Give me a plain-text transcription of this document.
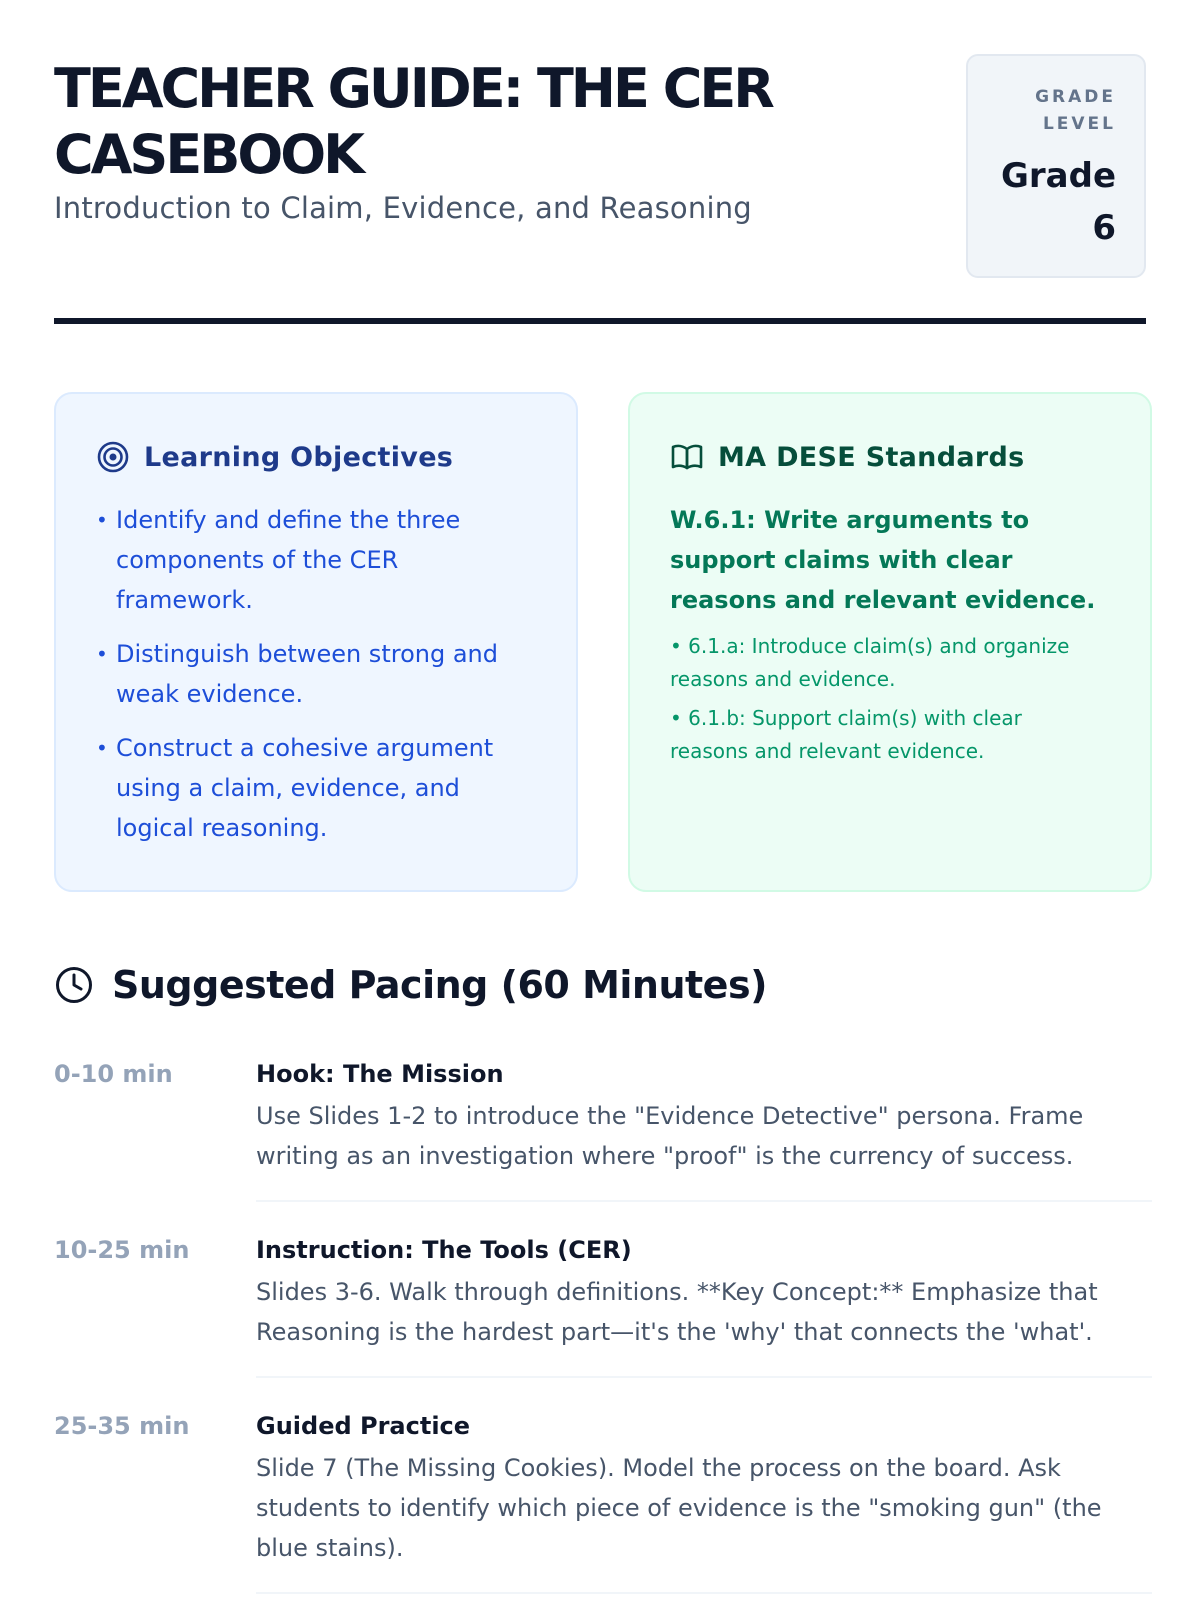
TEACHER GUIDE: THE CER CASEBOOK

Introduction to Claim, Evidence, and Reasoning

GRADE LEVEL
Grade 6
Learning Objectives
• Identify and define the three components of the CER framework.
• Distinguish between strong and weak evidence.
• Construct a cohesive argument using a claim, evidence, and logical reasoning.
MA DESE Standards

W.6.1: Write arguments to support claims with clear reasons and relevant evidence.

• 6.1.a: Introduce claim(s) and organize reasons and evidence.

• 6.1.b: Support claim(s) with clear reasons and relevant evidence.

Suggested Pacing (60 Minutes)
0-10 min	Hook: The Mission

Use Slides 1-2 to introduce the "Evidence Detective" persona. Frame writing as an investigation where "proof" is the currency of success.

10-25 min	Instruction: The Tools (CER)

Slides 3-6. Walk through definitions. **Key Concept:** Emphasize that Reasoning is the hardest part—it's the 'why' that connects the 'what'.

25-35 min	Guided Practice

Slide 7 (The Missing Cookies). Model the process on the board. Ask students to identify which piece of evidence is the "smoking gun" (the blue stains).
